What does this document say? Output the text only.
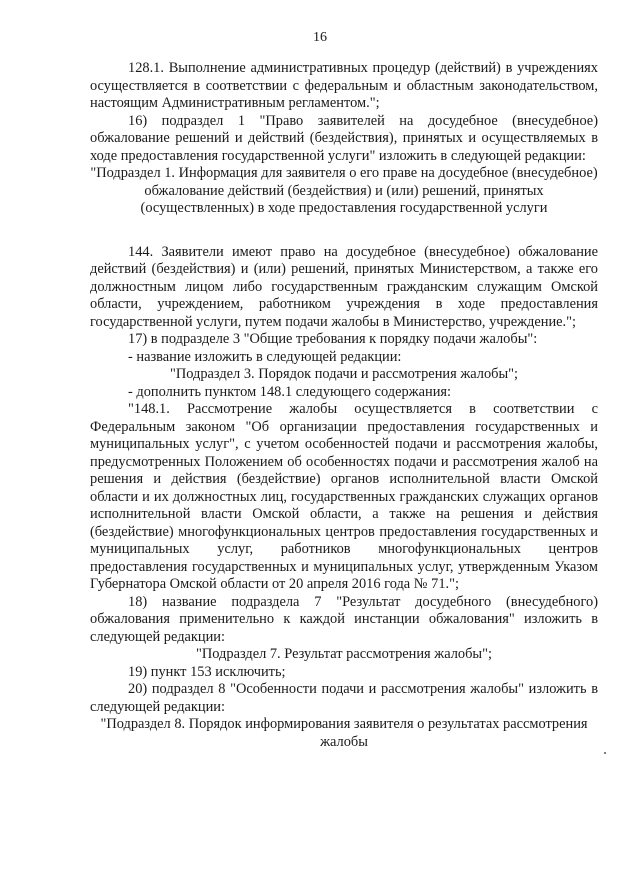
16

128.1. Выполнение административных процедур (действий) в учреждениях осуществляется в соответствии с федеральным и областным законодательством, настоящим Административным регламентом.";

16) подраздел 1 "Право заявителей на досудебное (внесудебное) обжалование решений и действий (бездействия), принятых и осуществляемых в ходе предоставления государственной услуги" изложить в следующей редакции:

"Подраздел 1. Информация для заявителя о его праве на досудебное (внесудебное) обжалование действий (бездействия) и (или) решений, принятых (осуществленных) в ходе предоставления государственной услуги

144. Заявители имеют право на досудебное (внесудебное) обжалование действий (бездействия) и (или) решений, принятых Министерством, а также его должностным лицом либо государственным гражданским служащим Омской области, учреждением, работником учреждения в ходе предоставления государственной услуги, путем подачи жалобы в Министерство, учреждение.";

17) в подразделе 3 "Общие требования к порядку подачи жалобы":

- название изложить в следующей редакции:

"Подраздел 3. Порядок подачи и рассмотрения жалобы";

- дополнить пунктом 148.1 следующего содержания:

"148.1. Рассмотрение жалобы осуществляется в соответствии с Федеральным законом "Об организации предоставления государственных и муниципальных услуг", с учетом особенностей подачи и рассмотрения жалобы, предусмотренных Положением об особенностях подачи и рассмотрения жалоб на решения и действия (бездействие) органов исполнительной власти Омской области и их должностных лиц, государственных гражданских служащих органов исполнительной власти Омской области, а также на решения и действия (бездействие) многофункциональных центров предоставления государственных и муниципальных услуг, работников многофункциональных центров предоставления государственных и муниципальных услуг, утвержденным Указом Губернатора Омской области от 20 апреля 2016 года № 71.";

18) название подраздела 7 "Результат досудебного (внесудебного) обжалования применительно к каждой инстанции обжалования" изложить в следующей редакции:

"Подраздел 7. Результат рассмотрения жалобы";

19) пункт 153 исключить;

20) подраздел 8 "Особенности подачи и рассмотрения жалобы" изложить в следующей редакции:

"Подраздел 8. Порядок информирования заявителя о результатах рассмотрения жалобы
